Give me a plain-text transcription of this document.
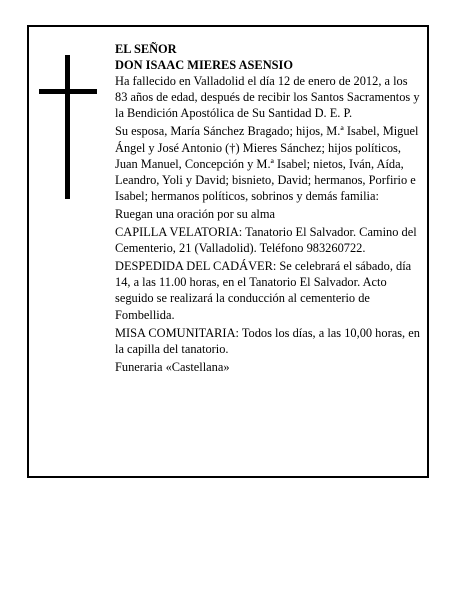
EL SEÑOR

DON ISAAC MIERES ASENSIO

Ha fallecido en Valladolid el día 12 de enero de 2012, a los 83 años de edad, después de recibir los Santos Sacramentos y la Bendición Apostólica de Su Santidad D. E. P.

Su esposa, María Sánchez Bragado; hijos, M.ª Isabel, Miguel Ángel y José Antonio (†) Mieres Sánchez; hijos políticos, Juan Manuel, Concepción y M.ª Isabel; nietos, Iván, Aída, Leandro, Yoli y David; bisnieto, David; hermanos, Porfirio e Isabel; hermanos políticos, sobrinos y demás familia:

Ruegan una oración por su alma

CAPILLA VELATORIA: Tanatorio El Salvador. Camino del Cementerio, 21 (Valladolid). Teléfono 983260722.

DESPEDIDA DEL CADÁVER: Se celebrará el sábado, día 14, a las 11.00 horas, en el Tanatorio El Salvador. Acto seguido se realizará la conducción al cementerio de Fombellida.

MISA COMUNITARIA: Todos los días, a las 10,00 horas, en la capilla del tanatorio.

Funeraria «Castellana»
